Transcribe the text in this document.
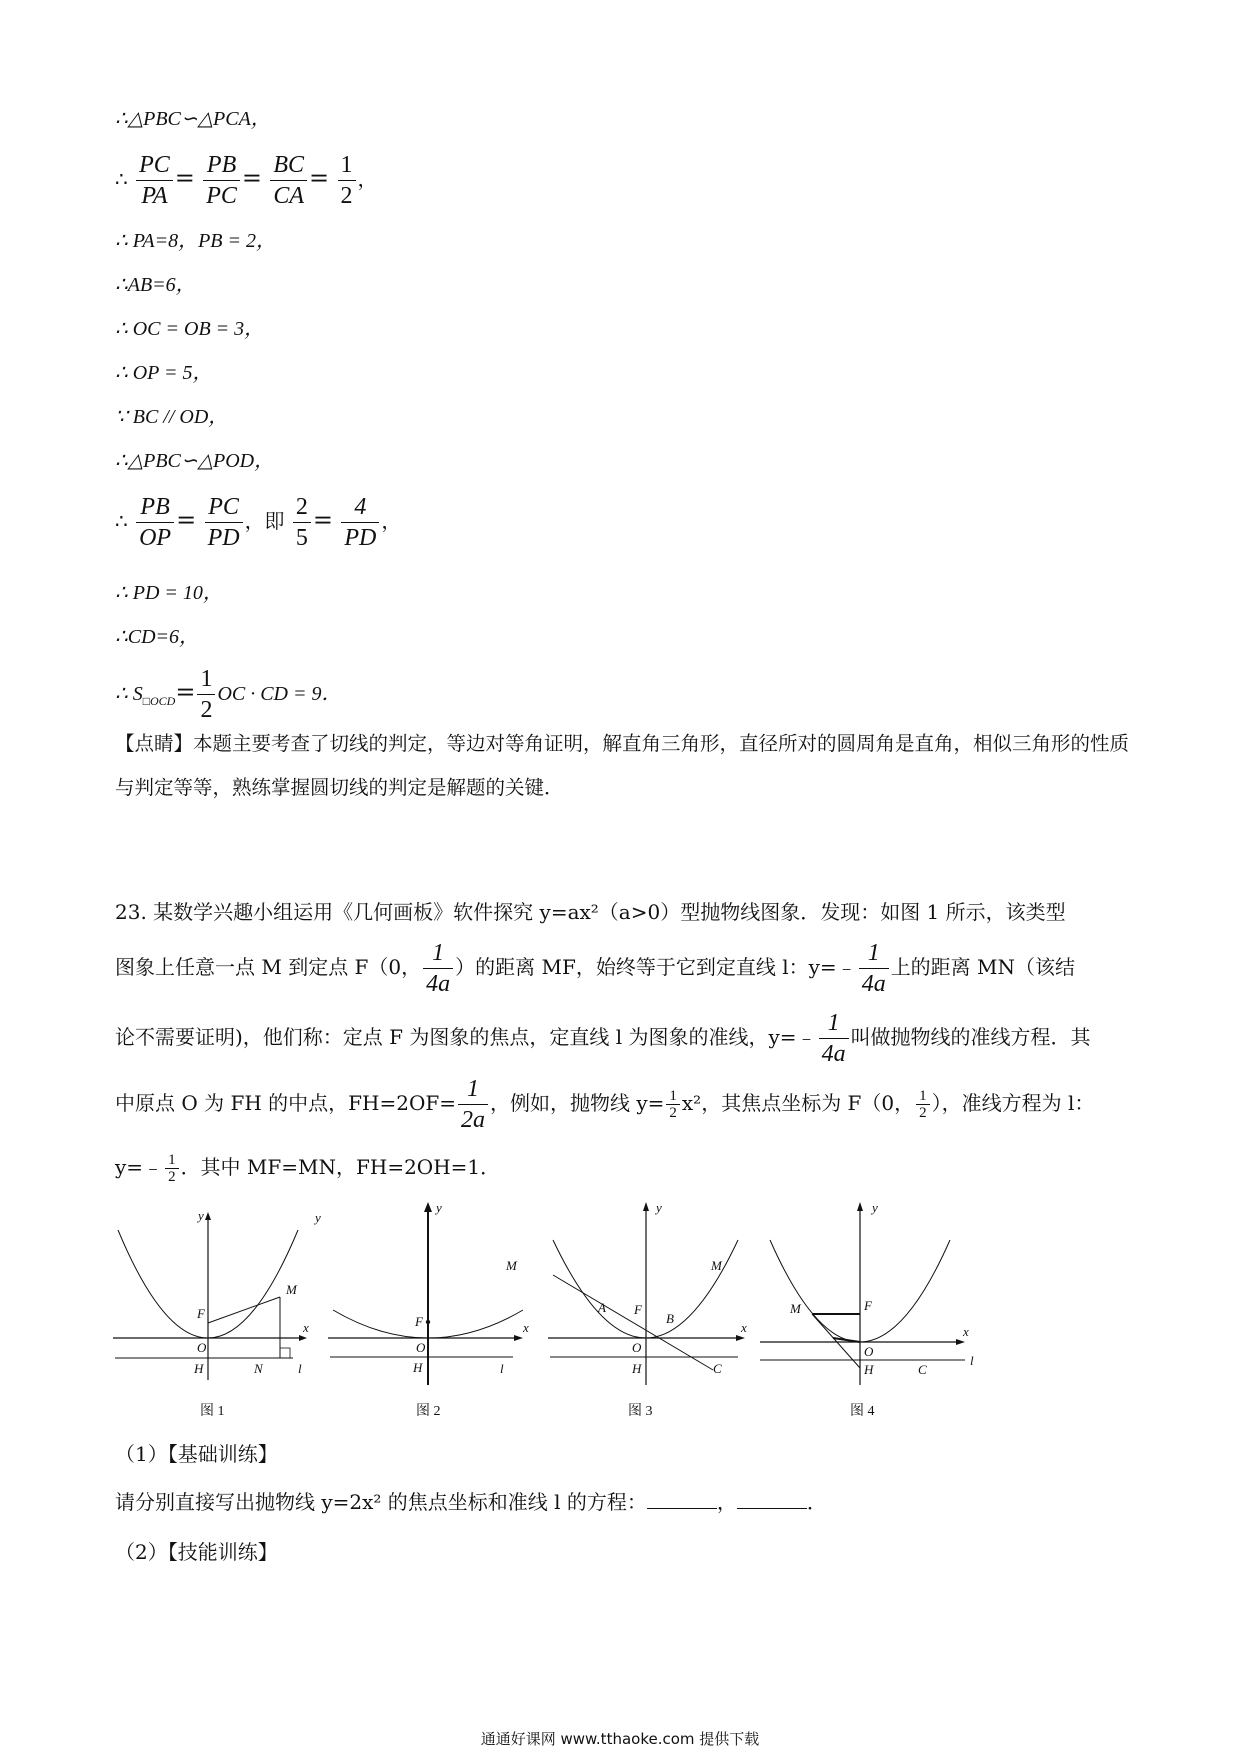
∴△PBC∽△PCA，
∴ $\frac{PC}{PA} = \frac{PB}{PC} = \frac{BC}{CA} = \frac{1}{2}$ ，
∴ PA=8，PB = 2，
∴AB=6，
∴ OC = OB = 3，
∴ OP = 5，
∵ BC // OD，
∴△PBC∽△POD，
∴ $\frac{PB}{OP} = \frac{PC}{PD}$ ，即 $\frac{2}{5} = \frac{4}{PD}$ ，
∴ PD = 10，
∴CD=6，
∴ $S_{□OCD}= \frac{1}{2}$ OC · CD = 9．
【点睛】本题主要考查了切线的判定，等边对等角证明，解直角三角形，直径所对的圆周角是直角，相似三角形的性质与判定等等，熟练掌握圆切线的判定是解题的关键．
23. 某数学兴趣小组运用《几何画板》软件探究 y=ax²（a>0）型抛物线图象．发现：如图 1 所示，该类型
图象上任意一点 M 到定点 F（0， $\frac{1}{4a}$ ）的距离 MF，始终等于它到定直线 l：y=﹣ $\frac{1}{4a}$ 上的距离 MN（该结
论不需要证明)，他们称：定点 F 为图象的焦点，定直线 l 为图象的准线，y=﹣ $\frac{1}{4a}$ 叫做抛物线的准线方程．其
中原点 O 为 FH 的中点，$FH=2OF= \frac{1}{2a}$ ，例如，抛物线 $y= \frac{1}{2} x^2$，其焦点坐标为 F（0， $\frac{1}{2}$ ），准线方程为 l：
y=﹣ $\frac{1}{2}$ ．其中 MF=MN，FH=2OH=1．
y
y
x
F
O
H	N
M
l
图 1
y
x
F
O
H
M
l
图 2
y
x
A F
B
O
H
M
C
图 3
y
x
M	F
O
H	C
l
图 4
（1）【基础训练】
请分别直接写出抛物线 y=2x² 的焦点坐标和准线 l 的方程：	，	．
（2）【技能训练】
通通好课网 www.tthaoke.com 提供下载
